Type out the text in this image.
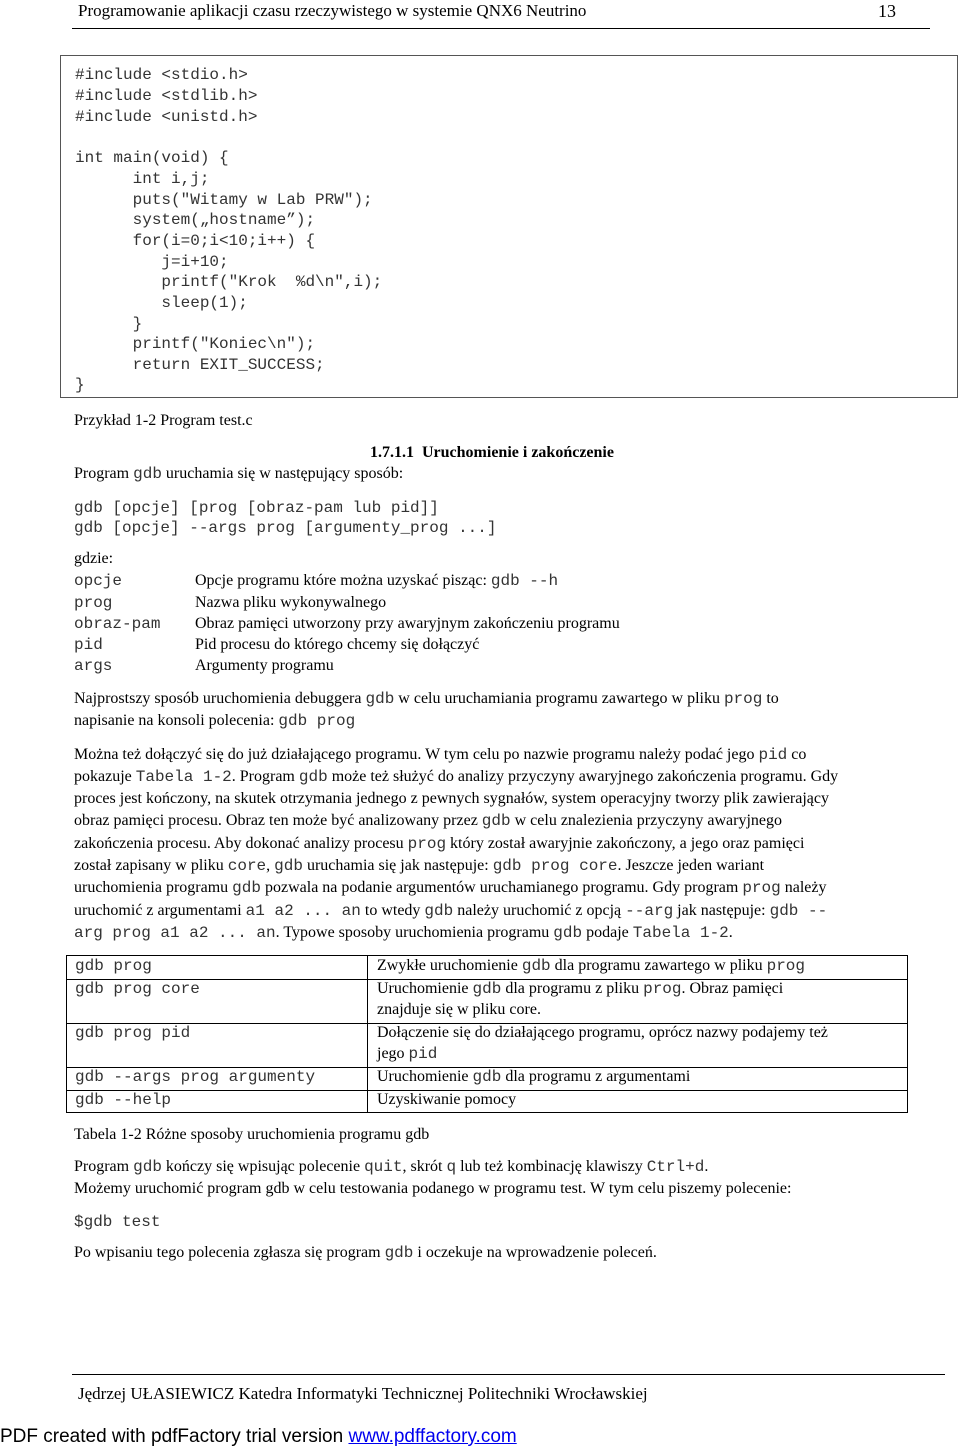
Programowanie aplikacji czasu rzeczywistego w systemie QNX6 Neutrino	13
#include <stdio.h>
#include <stdlib.h>
#include <unistd.h>
int main(void) {
int i,j;
puts("Witamy w Lab PRW");
system(„hostname”);
for(i=0;i<10;i++) {
j=i+10;
printf("Krok  %d\n",i);
sleep(1);
}
printf("Koniec\n");
return EXIT_SUCCESS;
}
Przykład 1-2 Program test.c
1.7.1.1 Uruchomienie i zakończenie
Program gdb uruchamia się w następujący sposób:
gdb [opcje] [prog [obraz-pam lub pid]]
gdb [opcje] --args prog [argumenty_prog ...]
gdzie:
opcje	Opcje programu które można uzyskać pisząc: gdb --h
prog	Nazwa pliku wykonywalnego
obraz-pam Obraz pamięci utworzony przy awaryjnym zakończeniu programu
pid	Pid procesu do którego chcemy się dołączyć
args	Argumenty programu
Najprostszy sposób uruchomienia debuggera gdb w celu uruchamiania programu zawartego w pliku prog to
napisanie na konsoli polecenia: gdb prog
Można też dołączyć się do już działającego programu. W tym celu po nazwie programu należy podać jego pid co
pokazuje Tabela 1-2. Program gdb może też służyć do analizy przyczyny awaryjnego zakończenia programu. Gdy
proces jest kończony, na skutek otrzymania jednego z pewnych sygnałów, system operacyjny tworzy plik zawierający
obraz pamięci procesu. Obraz ten może być analizowany przez gdb w celu znalezienia przyczyny awaryjnego
zakończenia procesu. Aby dokonać analizy procesu prog który został awaryjnie zakończony, a jego oraz pamięci
został zapisany w pliku core, gdb uruchamia się jak następuje: gdb prog core. Jeszcze jeden wariant
uruchomienia programu gdb pozwala na podanie argumentów uruchamianego programu. Gdy program prog należy
uruchomić z argumentami a1 a2 ... an to wtedy gdb należy uruchomić z opcją --arg jak następuje: gdb --
arg prog a1 a2 ... an. Typowe sposoby uruchomienia programu gdb podaje Tabela 1-2.
gdb prog	Zwykłe uruchomienie gdb dla programu zawartego w pliku prog
gdb prog core	Uruchomienie gdb dla programu z pliku prog. Obraz pamięci
znajduje się w pliku core.
gdb prog pid	Dołączenie się do działającego programu, oprócz nazwy podajemy też
jego pid
gdb --args prog argumenty	Uruchomienie gdb dla programu z argumentami
gdb --help	Uzyskiwanie pomocy
Tabela 1-2 Różne sposoby uruchomienia programu gdb
Program gdb kończy się wpisując polecenie quit, skrót q lub też kombinację klawiszy Ctrl+d.
Możemy uruchomić program gdb w celu testowania podanego w programu test. W tym celu piszemy polecenie:
$gdb test
Po wpisaniu tego polecenia zgłasza się program gdb i oczekuje na wprowadzenie poleceń.
Jędrzej UŁASIEWICZ Katedra Informatyki Technicznej Politechniki Wrocławskiej
PDF created with pdfFactory trial version www.pdffactory.com
